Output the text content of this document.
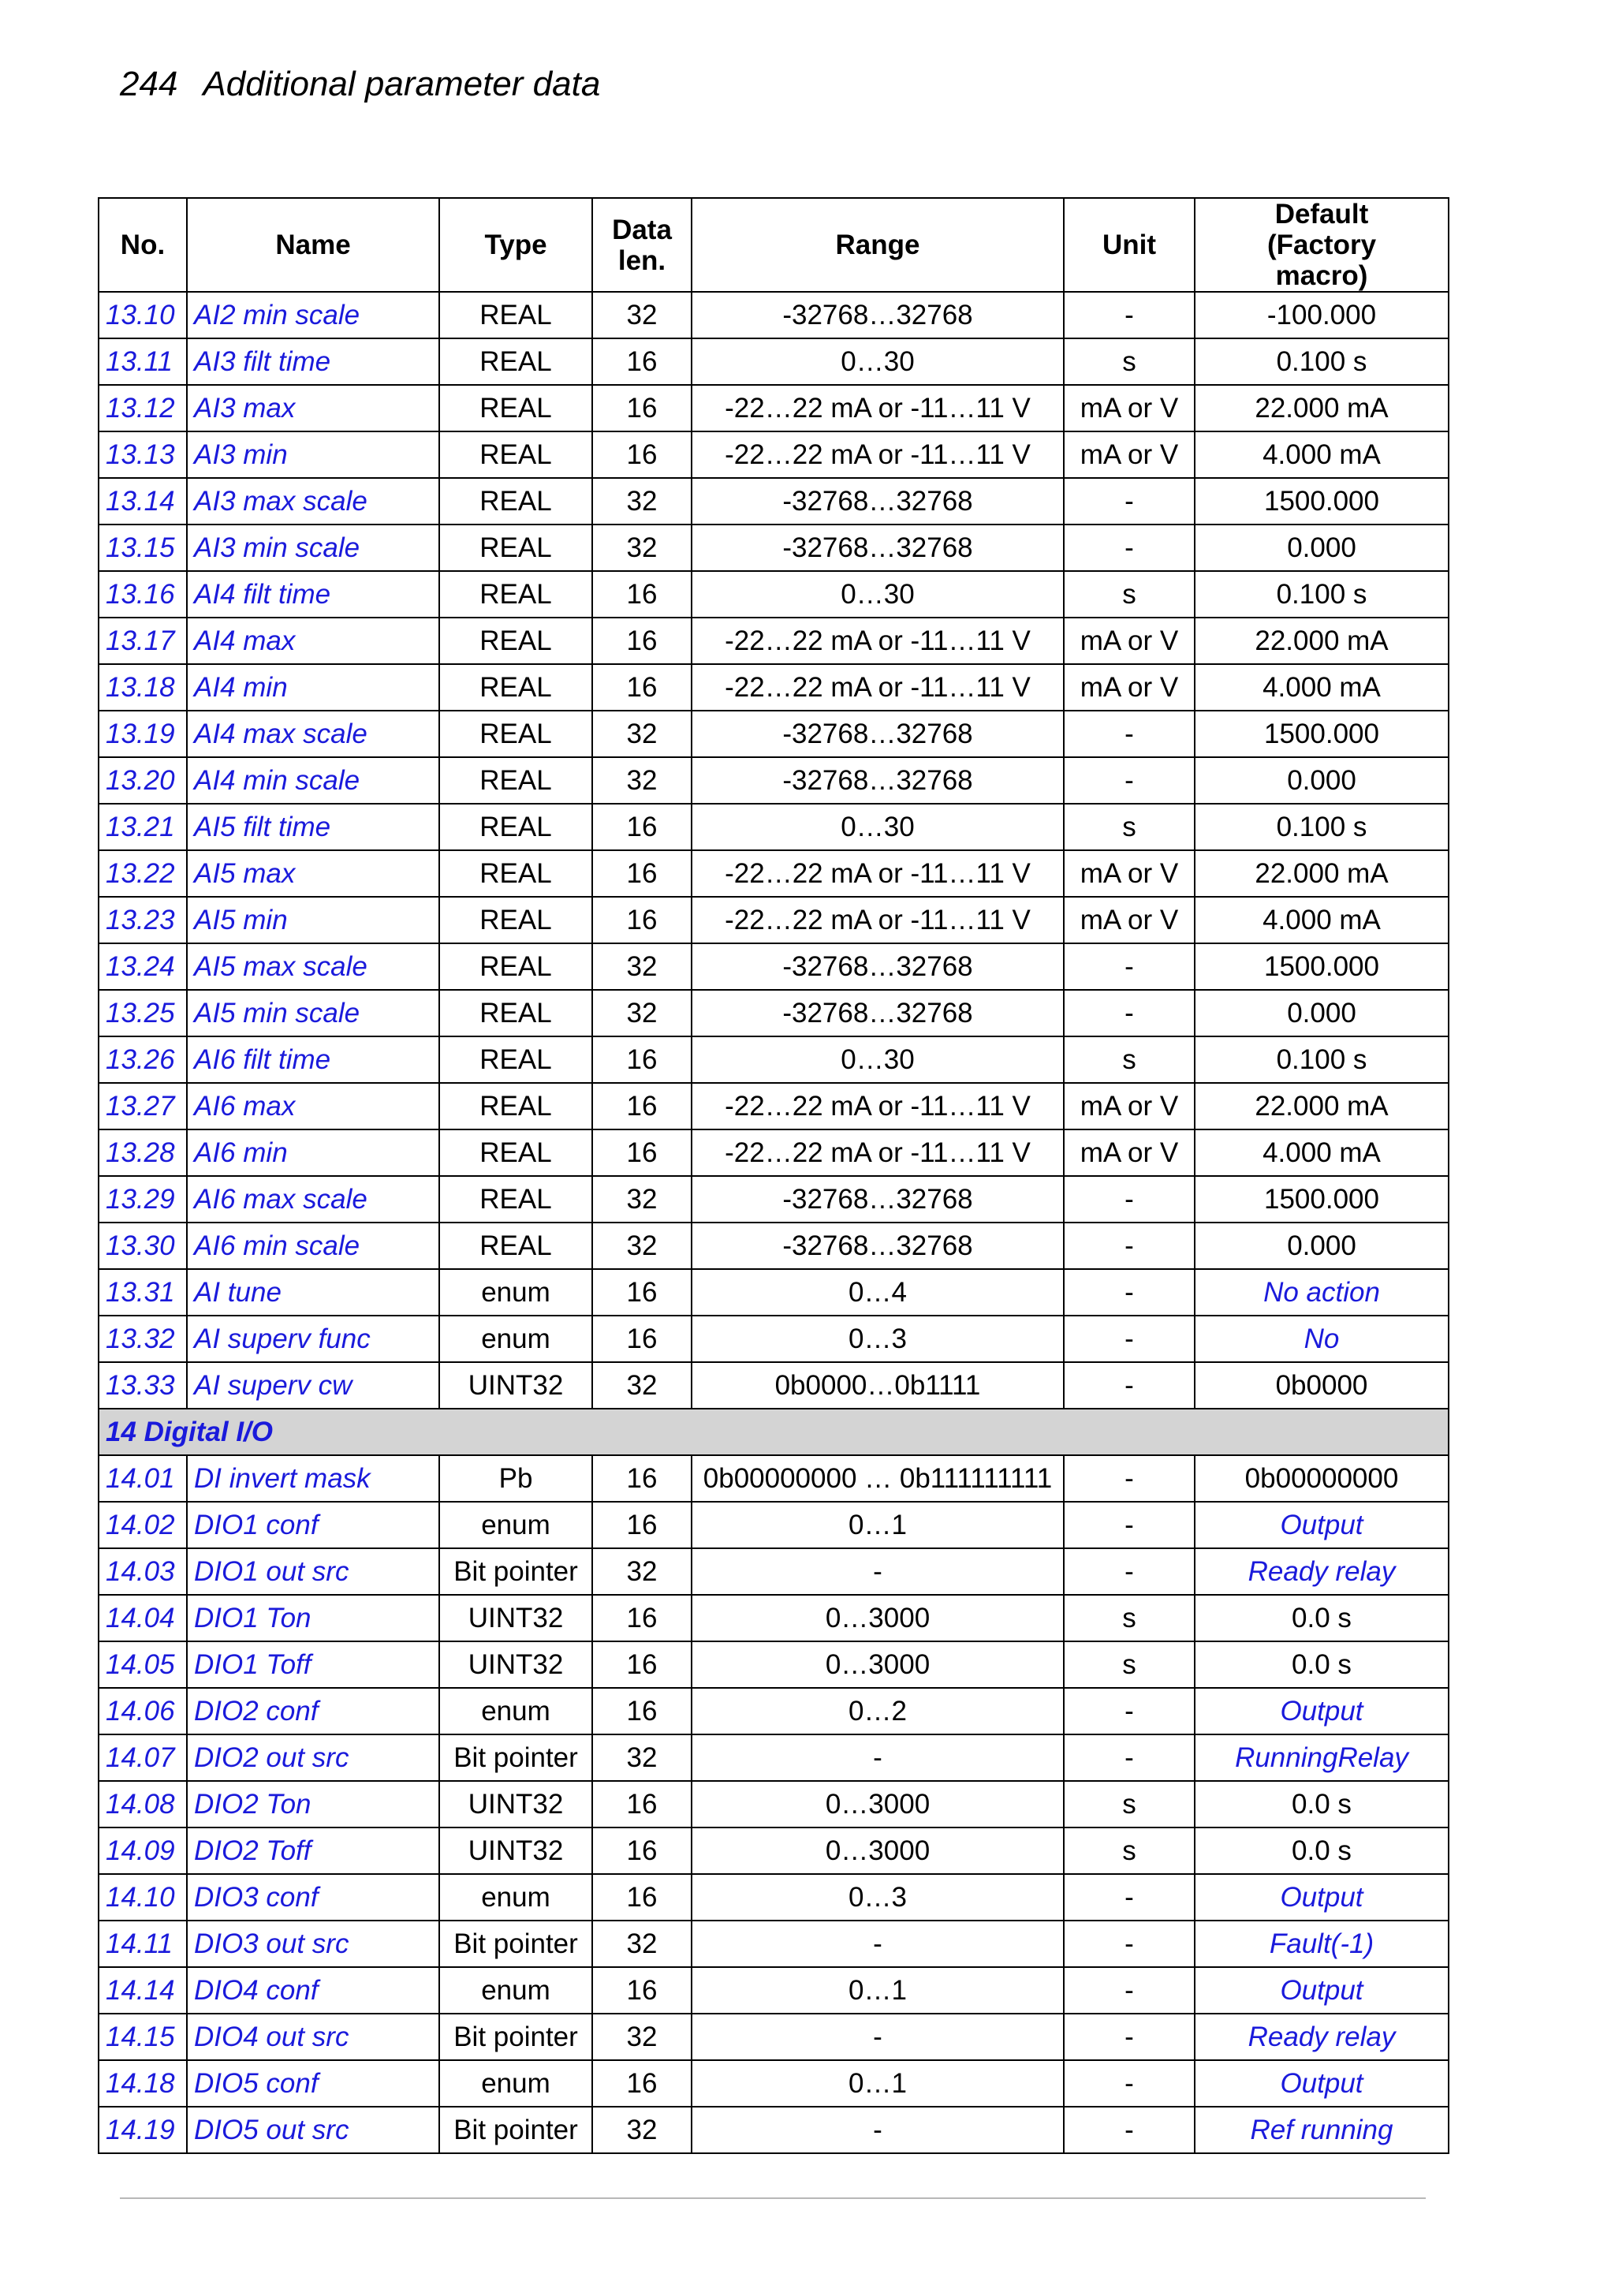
244 Additional parameter data
No.	Name	Type	Data len.	Range	Unit	Default (Factory macro)

13.10	AI2 min scale	REAL	32	-32768…32768	-	-100.000
13.11	AI3 filt time	REAL	16	0…30	s	0.100 s
13.12	AI3 max	REAL	16	-22…22 mA or -11…11 V	mA or V	22.000 mA
13.13	AI3 min	REAL	16	-22…22 mA or -11…11 V	mA or V	4.000 mA
13.14	AI3 max scale	REAL	32	-32768…32768	-	1500.000
13.15	AI3 min scale	REAL	32	-32768…32768	-	0.000
13.16	AI4 filt time	REAL	16	0…30	s	0.100 s
13.17	AI4 max	REAL	16	-22…22 mA or -11…11 V	mA or V	22.000 mA
13.18	AI4 min	REAL	16	-22…22 mA or -11…11 V	mA or V	4.000 mA
13.19	AI4 max scale	REAL	32	-32768…32768	-	1500.000
13.20	AI4 min scale	REAL	32	-32768…32768	-	0.000
13.21	AI5 filt time	REAL	16	0…30	s	0.100 s
13.22	AI5 max	REAL	16	-22…22 mA or -11…11 V	mA or V	22.000 mA
13.23	AI5 min	REAL	16	-22…22 mA or -11…11 V	mA or V	4.000 mA
13.24	AI5 max scale	REAL	32	-32768…32768	-	1500.000
13.25	AI5 min scale	REAL	32	-32768…32768	-	0.000
13.26	AI6 filt time	REAL	16	0…30	s	0.100 s
13.27	AI6 max	REAL	16	-22…22 mA or -11…11 V	mA or V	22.000 mA
13.28	AI6 min	REAL	16	-22…22 mA or -11…11 V	mA or V	4.000 mA
13.29	AI6 max scale	REAL	32	-32768…32768	-	1500.000
13.30	AI6 min scale	REAL	32	-32768…32768	-	0.000
13.31	AI tune	enum	16	0…4	-	No action
13.32	AI superv func	enum	16	0…3	-	No
13.33	AI superv cw	UINT32	32	0b0000…0b1111	-	0b0000
14 Digital I/O						
14.01	DI invert mask	Pb	16	0b00000000 … 0b111111111	-	0b00000000
14.02	DIO1 conf	enum	16	0…1	-	Output
14.03	DIO1 out src	Bit pointer	32	-	-	Ready relay
14.04	DIO1 Ton	UINT32	16	0…3000	s	0.0 s
14.05	DIO1 Toff	UINT32	16	0…3000	s	0.0 s
14.06	DIO2 conf	enum	16	0…2	-	Output
14.07	DIO2 out src	Bit pointer	32	-	-	RunningRelay
14.08	DIO2 Ton	UINT32	16	0…3000	s	0.0 s
14.09	DIO2 Toff	UINT32	16	0…3000	s	0.0 s
14.10	DIO3 conf	enum	16	0…3	-	Output
14.11	DIO3 out src	Bit pointer	32	-	-	Fault(-1)
14.14	DIO4 conf	enum	16	0…1	-	Output
14.15	DIO4 out src	Bit pointer	32	-	-	Ready relay
14.18	DIO5 conf	enum	16	0…1	-	Output
14.19	DIO5 out src	Bit pointer	32	-	-	Ref running
